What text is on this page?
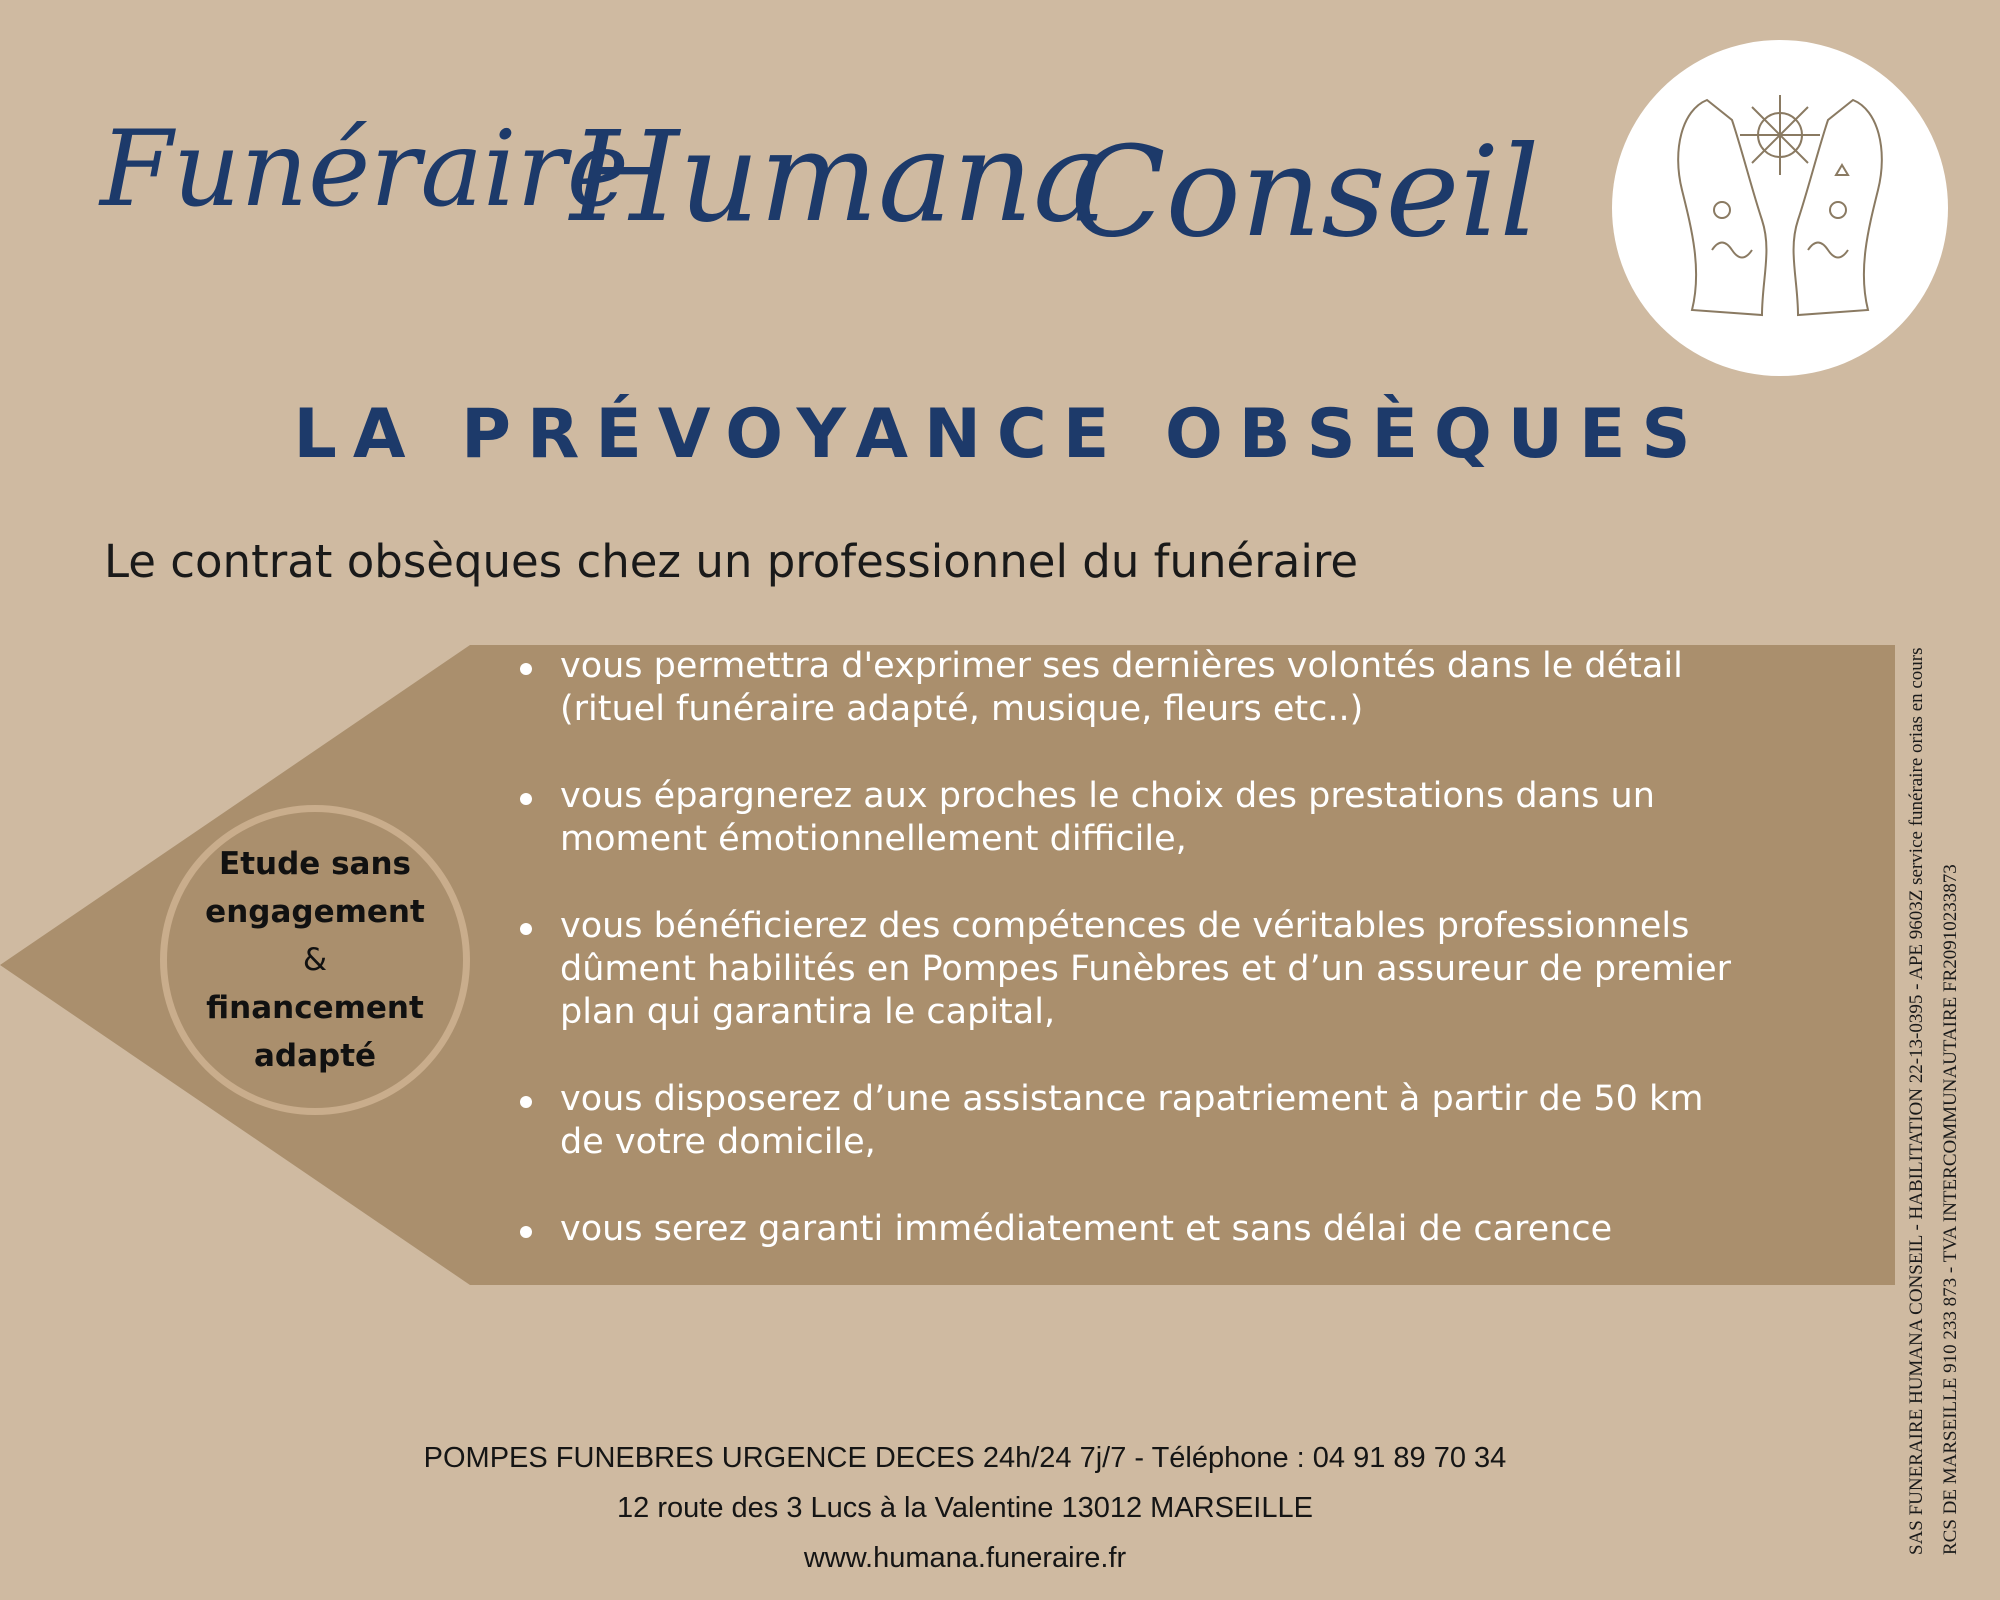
Funéraire
Humana
Conseil
LA PRÉVOYANCE OBSÈQUES
Le contrat obsèques chez un professionnel du funéraire
Etude sans
engagement
&
financement
adapté
vous permettra d'exprimer ses dernières volontés dans le détail
(rituel funéraire adapté, musique, fleurs etc..)
vous épargnerez aux proches le choix des prestations dans un
moment émotionnellement difficile,
vous bénéficierez des compétences de véritables professionnels
dûment habilités en Pompes Funèbres et d’un assureur de premier
plan qui garantira le capital,
vous disposerez d’une assistance rapatriement à partir de 50 km
de votre domicile,
vous serez garanti immédiatement et sans délai de carence
POMPES FUNEBRES URGENCE DECES 24h/24 7j/7 - Téléphone : 04 91 89 70 34
12 route des 3 Lucs à la Valentine 13012 MARSEILLE
www.humana.funeraire.fr
SAS FUNERAIRE HUMANA CONSEIL - HABILITATION 22-13-0395 - APE 9603Z service funéraire orias en cours RCS DE MARSEILLE 910 233 873 - TVA INTERCOMMUNAUTAIRE FR20910233873
